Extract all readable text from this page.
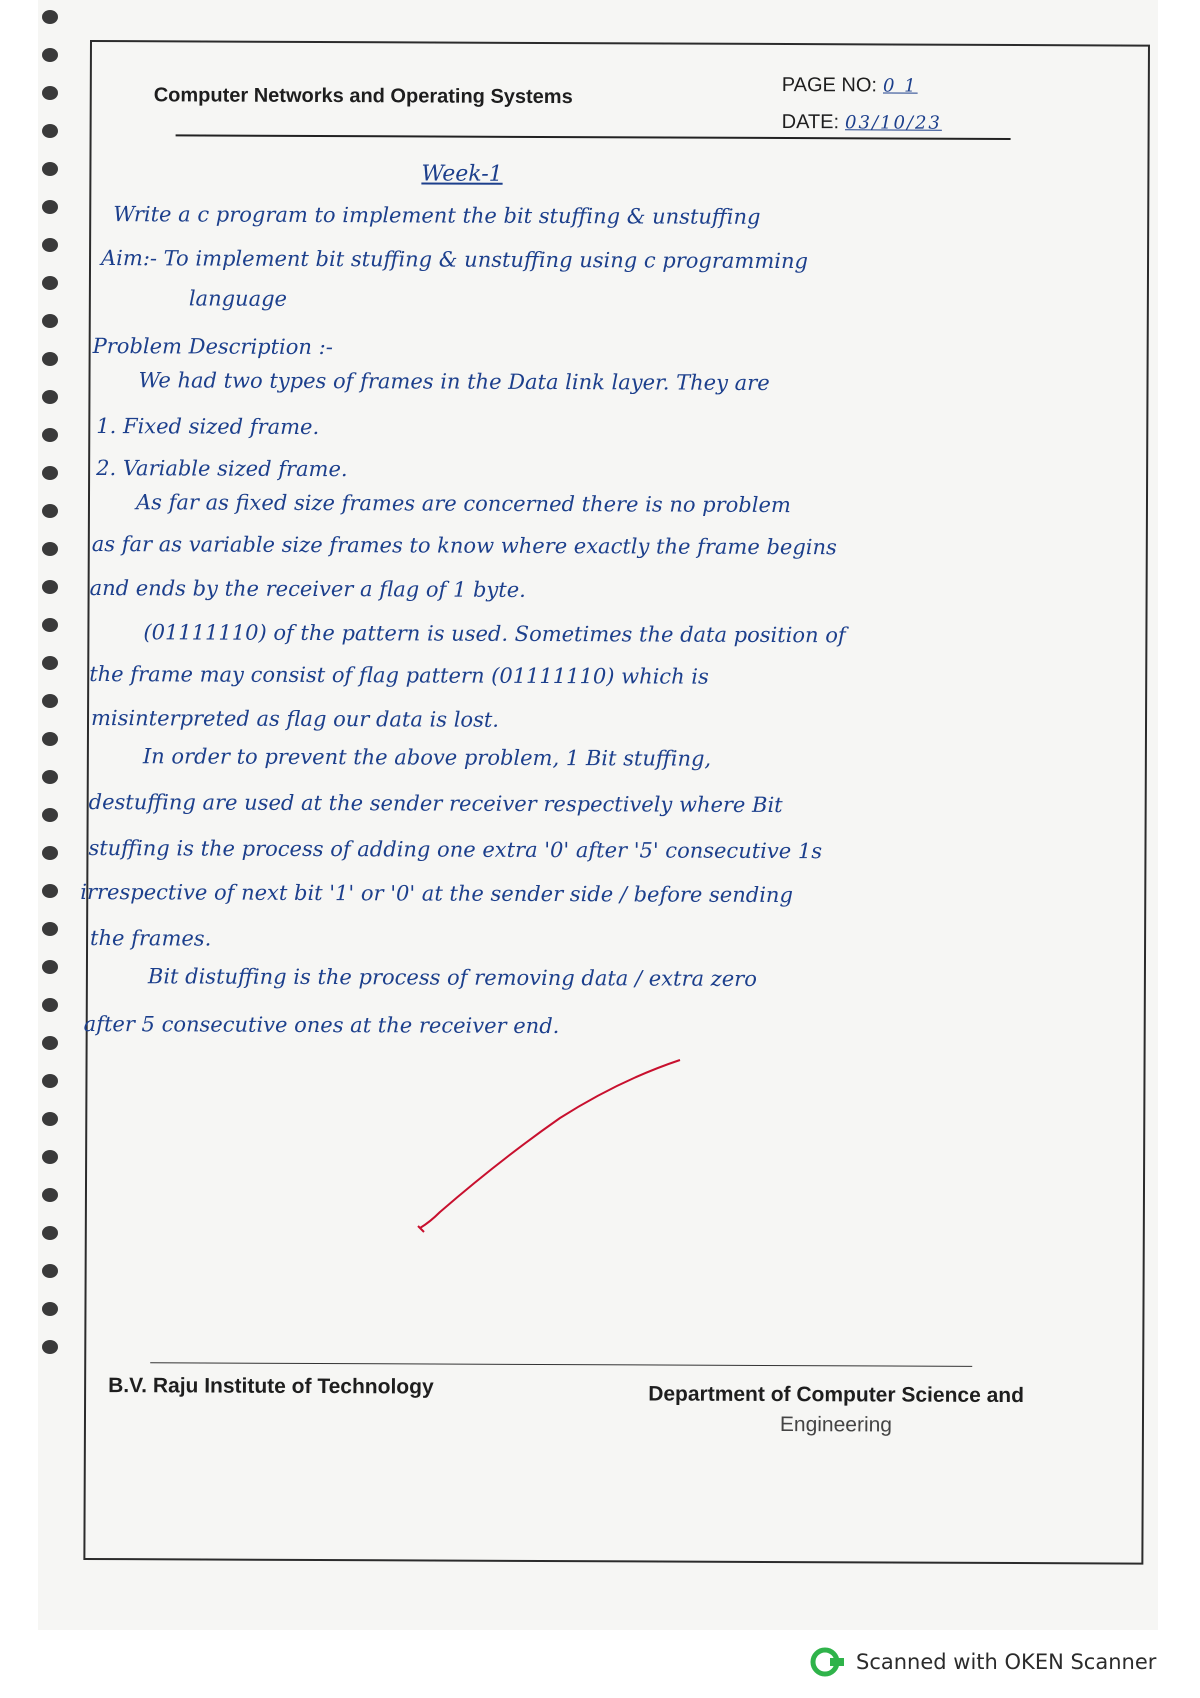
Computer Networks and Operating Systems	PAGE NO: 0 1
DATE: 03/10/23
Week-1
Write a c program to implement the bit stuffing & unstuffing
Aim:- To implement bit stuffing & unstuffing using c programming
language
Problem Description :-
We had two types of frames in the Data link layer. They are
1. Fixed sized frame.
2. Variable sized frame.
As far as fixed size frames are concerned there is no problem
as far as variable size frames to know where exactly the frame begins
and ends by the receiver a flag of 1 byte.
(01111110) of the pattern is used. Sometimes the data position of
the frame may consist of flag pattern (01111110) which is
misinterpreted as flag our data is lost.
In order to prevent the above problem, 1 Bit stuffing,
destuffing are used at the sender receiver respectively where Bit
stuffing is the process of adding one extra '0' after '5' consecutive 1s
irrespective of next bit '1' or '0' at the sender side / before sending
the frames.
Bit distuffing is the process of removing data / extra zero
after 5 consecutive ones at the receiver end.
B.V. Raju Institute of Technology	Department of Computer Science and
Engineering
Scanned with OKEN Scanner
